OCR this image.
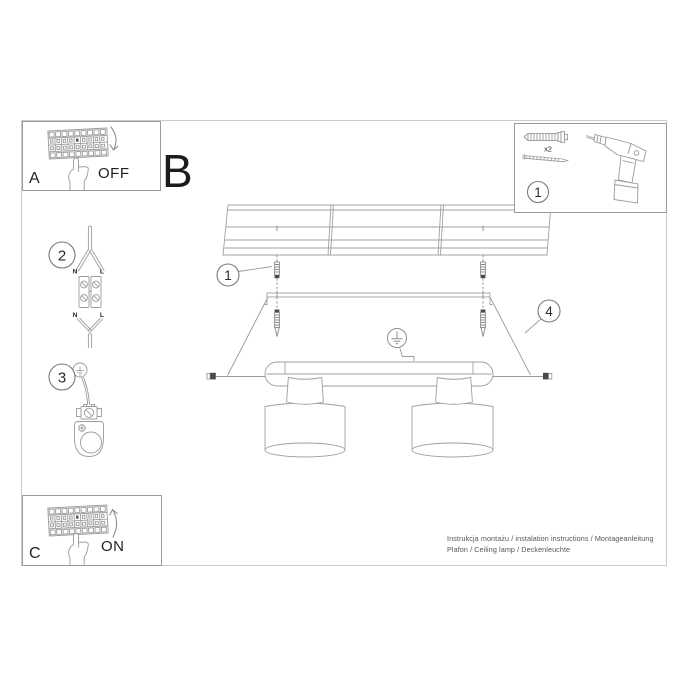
1
4
N	L
N	L
2
3
A	OFF B	x2
1
C	ON	Instrukcja montażu / instalation instructions / Montageanleitung
Plafon / Ceiling lamp / Deckenleuchte
